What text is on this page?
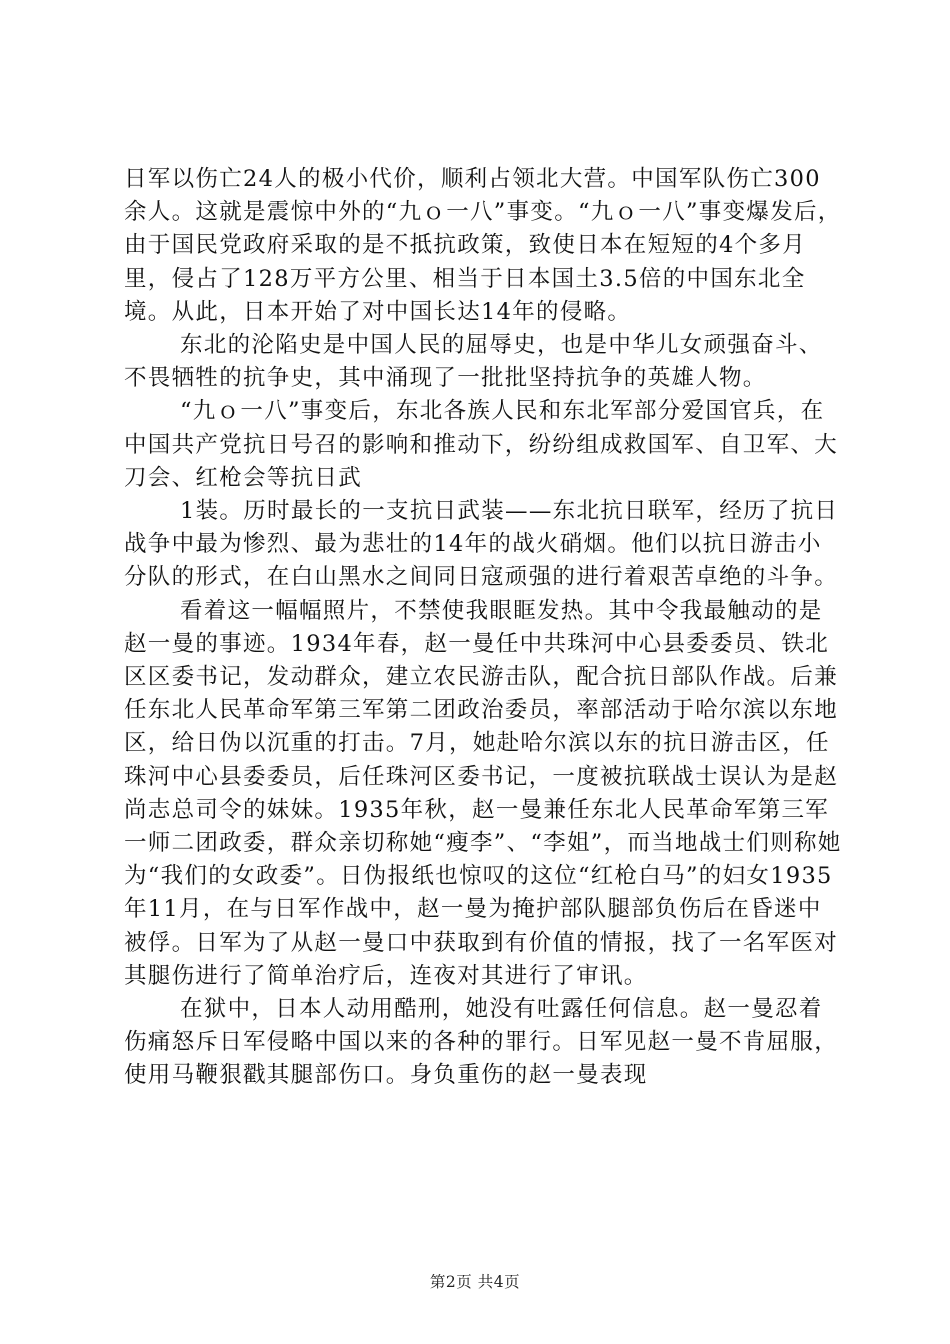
日军以伤亡24人的极小代价，顺利占领北大营。中国军队伤亡300余人。这就是震惊中外的“九ｏ一八”事变。“九ｏ一八”事变爆发后，由于国民党政府采取的是不抵抗政策，致使日本在短短的4个多月里，侵占了128万平方公里、相当于日本国土3.5倍的中国东北全境。从此，日本开始了对中国长达14年的侵略。

东北的沦陷史是中国人民的屈辱史，也是中华儿女顽强奋斗、不畏牺牲的抗争史，其中涌现了一批批坚持抗争的英雄人物。

“九ｏ一八”事变后，东北各族人民和东北军部分爱国官兵，在中国共产党抗日号召的影响和推动下，纷纷组成救国军、自卫军、大刀会、红枪会等抗日武

1装。历时最长的一支抗日武装——东北抗日联军，经历了抗日战争中最为惨烈、最为悲壮的14年的战火硝烟。他们以抗日游击小分队的形式，在白山黑水之间同日寇顽强的进行着艰苦卓绝的斗争。

看着这一幅幅照片，不禁使我眼眶发热。其中令我最触动的是赵一曼的事迹。1934年春，赵一曼任中共珠河中心县委委员、铁北区区委书记，发动群众，建立农民游击队，配合抗日部队作战。后兼任东北人民革命军第三军第二团政治委员，率部活动于哈尔滨以东地区，给日伪以沉重的打击。7月，她赴哈尔滨以东的抗日游击区，任珠河中心县委委员，后任珠河区委书记，一度被抗联战士误认为是赵尚志总司令的妹妹。1935年秋，赵一曼兼任东北人民革命军第三军一师二团政委，群众亲切称她“瘦李”、“李姐”，而当地战士们则称她为“我们的女政委”。日伪报纸也惊叹的这位“红枪白马”的妇女1935年11月，在与日军作战中，赵一曼为掩护部队腿部负伤后在昏迷中被俘。日军为了从赵一曼口中获取到有价值的情报，找了一名军医对其腿伤进行了简单治疗后，连夜对其进行了审讯。

在狱中，日本人动用酷刑，她没有吐露任何信息。赵一曼忍着伤痛怒斥日军侵略中国以来的各种的罪行。日军见赵一曼不肯屈服，使用马鞭狠戳其腿部伤口。身负重伤的赵一曼表现

第2页 共4页
